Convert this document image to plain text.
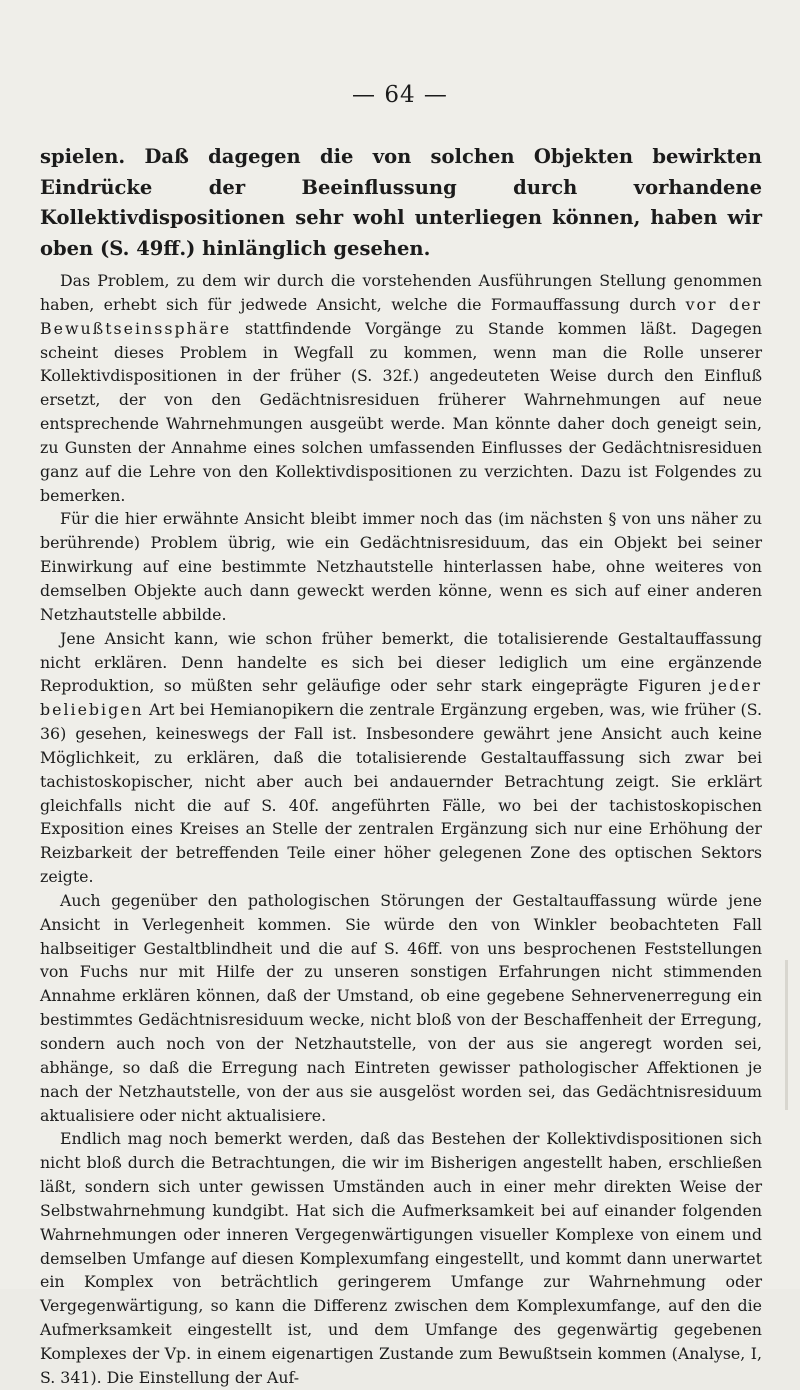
— 64 —
spielen. Daß dagegen die von solchen Objekten bewirkten Eindrücke der Beeinflussung durch vorhandene Kollektivdispositionen sehr wohl unterliegen können, haben wir oben (S. 49ff.) hinlänglich gesehen.

Das Problem, zu dem wir durch die vorstehenden Ausführungen Stellung genommen haben, erhebt sich für jedwede Ansicht, welche die Formauffassung durch vor der Bewußtseinssphäre stattfindende Vorgänge zu Stande kommen läßt. Dagegen scheint dieses Problem in Wegfall zu kommen, wenn man die Rolle unserer Kollektivdispositionen in der früher (S. 32f.) angedeuteten Weise durch den Einfluß ersetzt, der von den Gedächtnisresiduen früherer Wahrnehmungen auf neue entsprechende Wahrnehmungen ausgeübt werde. Man könnte daher doch geneigt sein, zu Gunsten der Annahme eines solchen umfassenden Einflusses der Gedächtnisresiduen ganz auf die Lehre von den Kollektivdispositionen zu verzichten. Dazu ist Folgendes zu bemerken.

Für die hier erwähnte Ansicht bleibt immer noch das (im nächsten § von uns näher zu berührende) Problem übrig, wie ein Gedächtnisresiduum, das ein Objekt bei seiner Einwirkung auf eine bestimmte Netzhautstelle hinterlassen habe, ohne weiteres von demselben Objekte auch dann geweckt werden könne, wenn es sich auf einer anderen Netzhautstelle abbilde.

Jene Ansicht kann, wie schon früher bemerkt, die totalisierende Gestaltauffassung nicht erklären. Denn handelte es sich bei dieser lediglich um eine ergänzende Reproduktion, so müßten sehr geläufige oder sehr stark eingeprägte Figuren jeder beliebigen Art bei Hemianopikern die zentrale Ergänzung ergeben, was, wie früher (S. 36) gesehen, keineswegs der Fall ist. Insbesondere gewährt jene Ansicht auch keine Möglichkeit, zu erklären, daß die totalisierende Gestaltauffassung sich zwar bei tachistoskopischer, nicht aber auch bei andauernder Betrachtung zeigt. Sie erklärt gleichfalls nicht die auf S. 40f. angeführten Fälle, wo bei der tachistoskopischen Exposition eines Kreises an Stelle der zentralen Ergänzung sich nur eine Erhöhung der Reizbarkeit der betreffenden Teile einer höher gelegenen Zone des optischen Sektors zeigte.

Auch gegenüber den pathologischen Störungen der Gestaltauffassung würde jene Ansicht in Verlegenheit kommen. Sie würde den von Winkler beobachteten Fall halbseitiger Gestaltblindheit und die auf S. 46ff. von uns besprochenen Feststellungen von Fuchs nur mit Hilfe der zu unseren sonstigen Erfahrungen nicht stimmenden Annahme erklären können, daß der Umstand, ob eine gegebene Sehnervenerregung ein bestimmtes Gedächtnisresiduum wecke, nicht bloß von der Beschaffenheit der Erregung, sondern auch noch von der Netzhautstelle, von der aus sie angeregt worden sei, abhänge, so daß die Erregung nach Eintreten gewisser pathologischer Affektionen je nach der Netzhautstelle, von der aus sie ausgelöst worden sei, das Gedächtnisresiduum aktualisiere oder nicht aktualisiere.

Endlich mag noch bemerkt werden, daß das Bestehen der Kollektivdispositionen sich nicht bloß durch die Betrachtungen, die wir im Bisherigen angestellt haben, erschließen läßt, sondern sich unter gewissen Umständen auch in einer mehr direkten Weise der Selbstwahrnehmung kundgibt. Hat sich die Aufmerksamkeit bei auf einander folgenden Wahrnehmungen oder inneren Vergegenwärtigungen visueller Komplexe von einem und demselben Umfange auf diesen Komplexumfang eingestellt, und kommt dann unerwartet ein Komplex von beträchtlich geringerem Umfange zur Wahrnehmung oder Vergegenwärtigung, so kann die Differenz zwischen dem Komplexumfange, auf den die Aufmerksamkeit eingestellt ist, und dem Umfange des gegenwärtig gegebenen Komplexes der Vp. in einem eigenartigen Zustande zum Bewußtsein kommen (Analyse, I, S. 341). Die Einstellung der Auf-
